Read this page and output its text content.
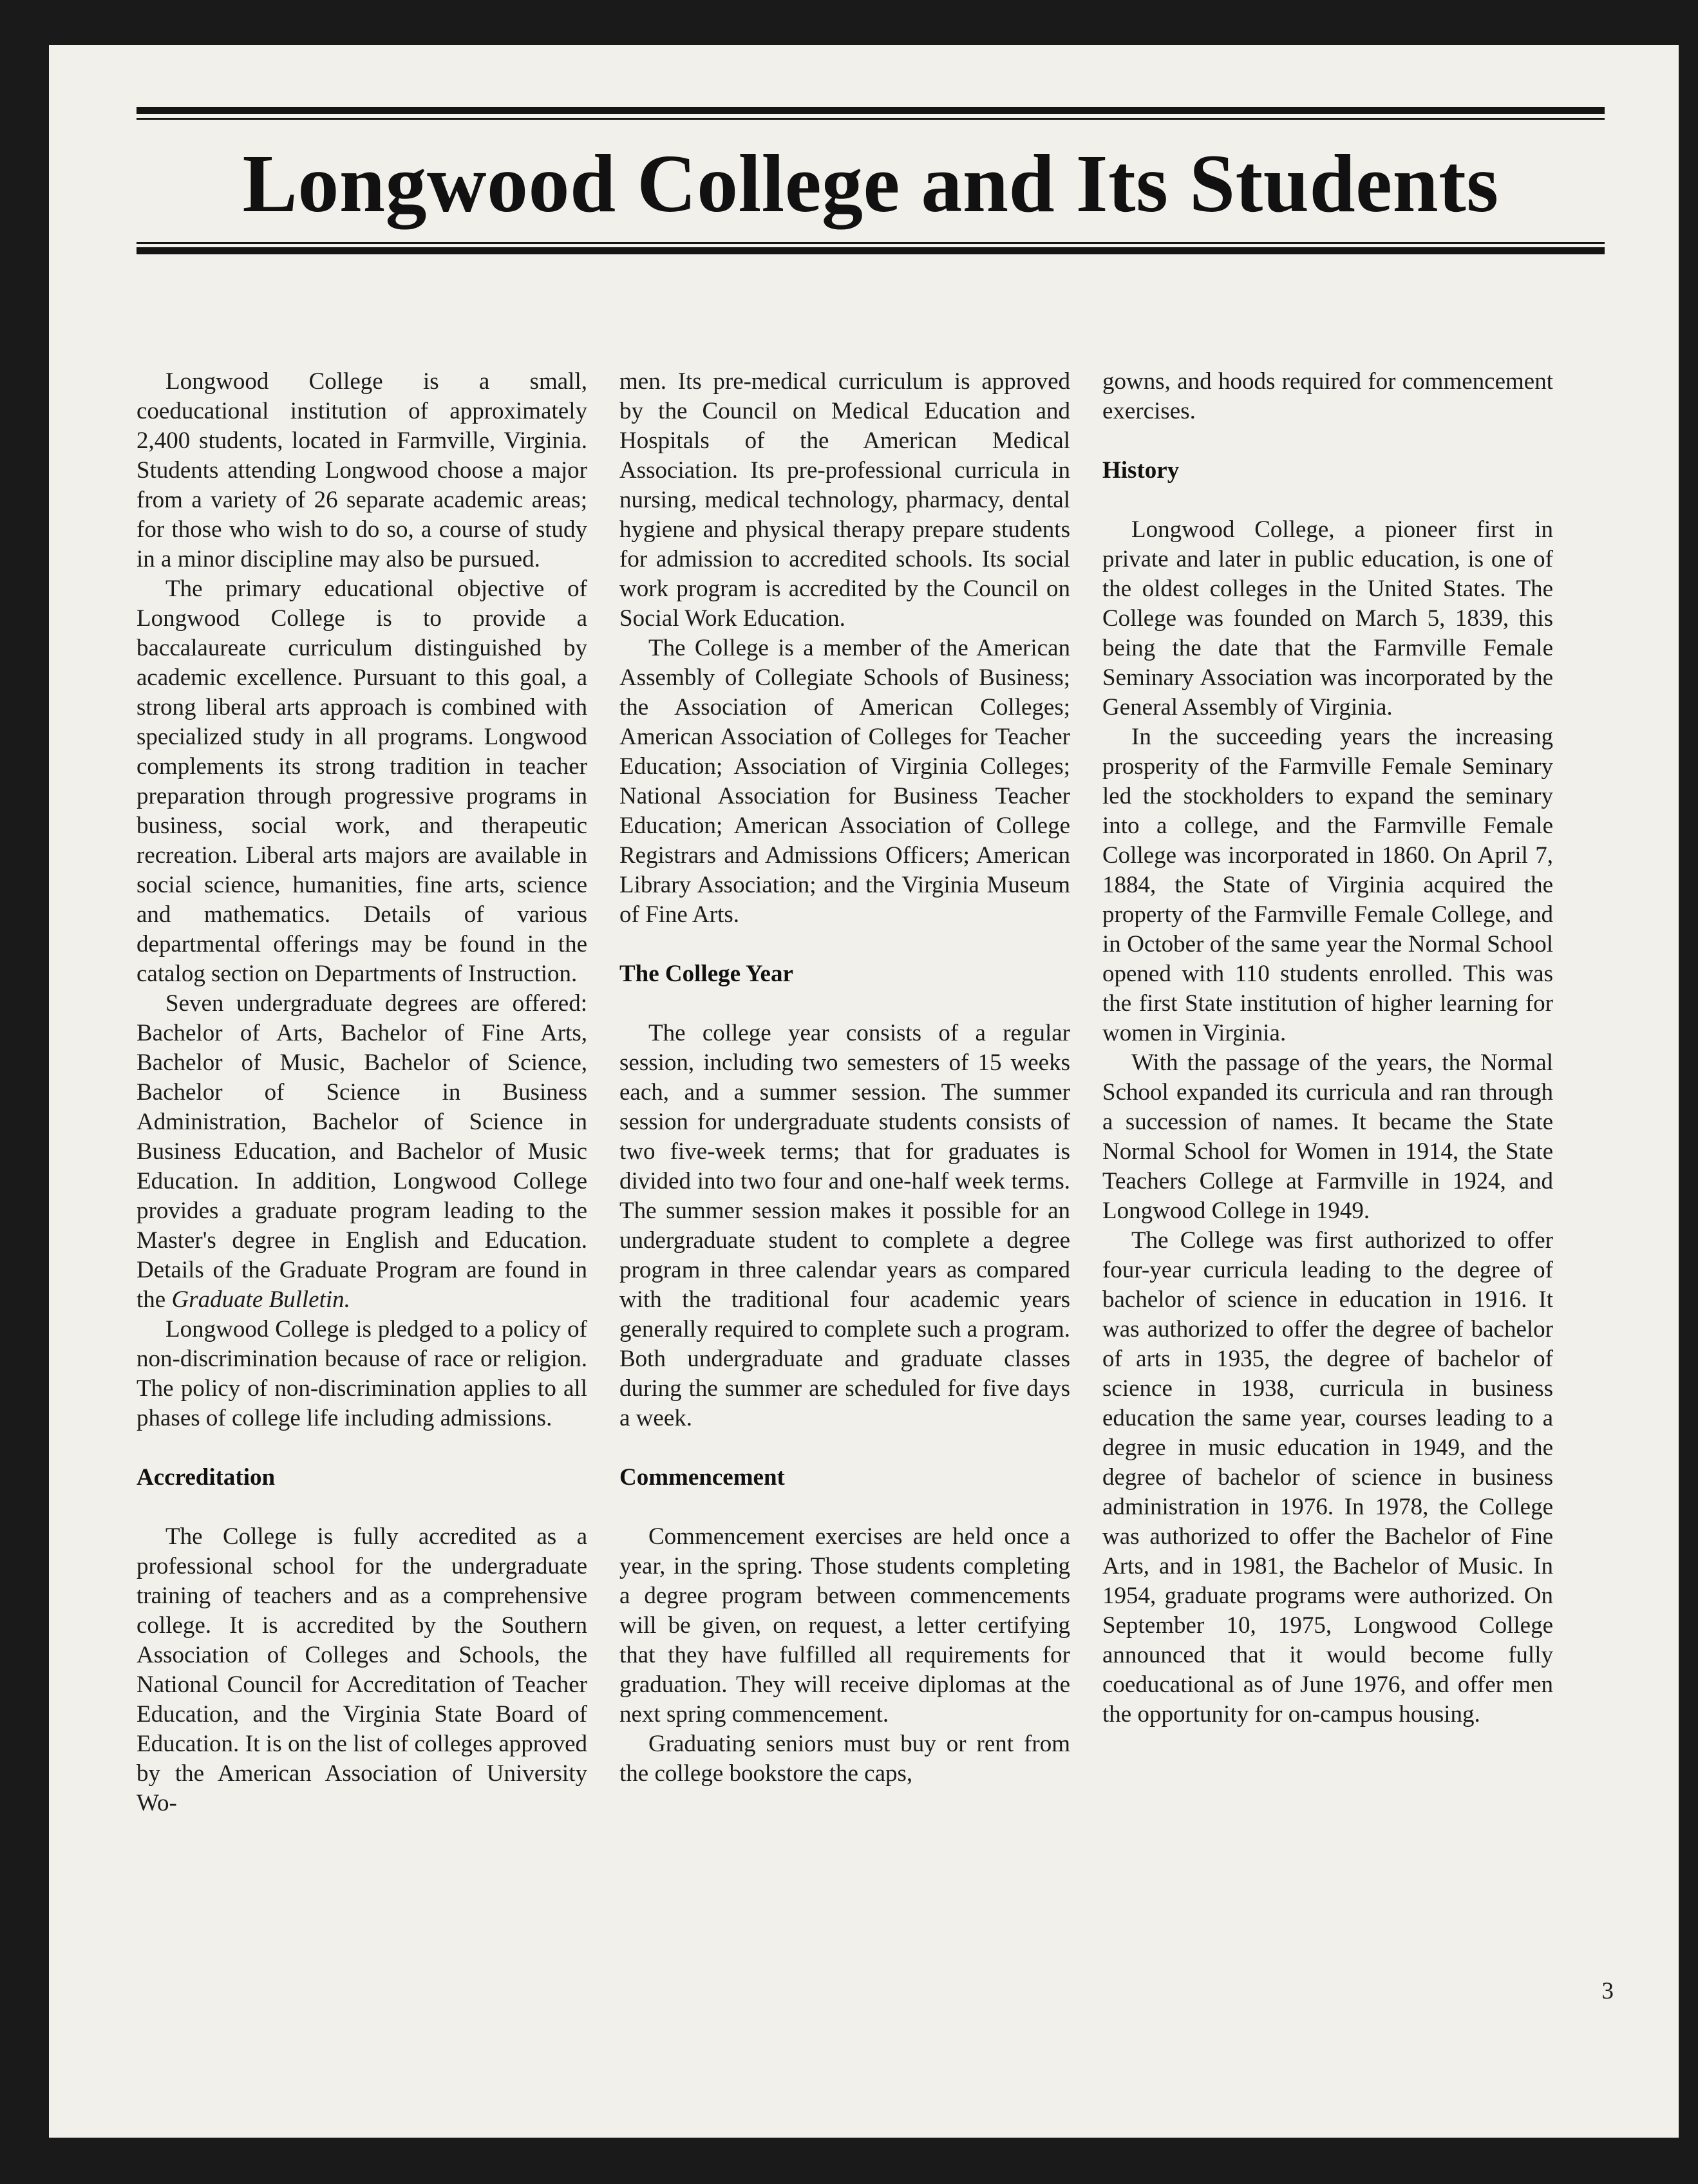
Longwood College and Its Students

Longwood College is a small, coeducational institution of approximately 2,400 students, located in Farmville, Virginia. Students attending Longwood choose a major from a variety of 26 separate academic areas; for those who wish to do so, a course of study in a minor discipline may also be pursued.

The primary educational objective of Longwood College is to provide a baccalaureate curriculum distinguished by academic excellence. Pursuant to this goal, a strong liberal arts approach is combined with specialized study in all programs. Longwood complements its strong tradition in teacher preparation through progressive programs in business, social work, and therapeutic recreation. Liberal arts majors are available in social science, humanities, fine arts, science and mathematics. Details of various departmental offerings may be found in the catalog section on Departments of Instruction.

Seven undergraduate degrees are offered: Bachelor of Arts, Bachelor of Fine Arts, Bachelor of Music, Bachelor of Science, Bachelor of Science in Business Administration, Bachelor of Science in Business Education, and Bachelor of Music Education. In addition, Longwood College provides a graduate program leading to the Master's degree in English and Education. Details of the Graduate Program are found in the Graduate Bulletin.

Longwood College is pledged to a policy of non-discrimination because of race or religion. The policy of non-discrimination applies to all phases of college life including admissions.

Accreditation

The College is fully accredited as a professional school for the undergraduate training of teachers and as a comprehensive college. It is accredited by the Southern Association of Colleges and Schools, the National Council for Accreditation of Teacher Education, and the Virginia State Board of Education. It is on the list of colleges approved by the American Association of University Wo-

men. Its pre-medical curriculum is approved by the Council on Medical Education and Hospitals of the American Medical Association. Its pre-professional curricula in nursing, medical technology, pharmacy, dental hygiene and physical therapy prepare students for admission to accredited schools. Its social work program is accredited by the Council on Social Work Education.

The College is a member of the American Assembly of Collegiate Schools of Business; the Association of American Colleges; American Association of Colleges for Teacher Education; Association of Virginia Colleges; National Association for Business Teacher Education; American Association of College Registrars and Admissions Officers; American Library Association; and the Virginia Museum of Fine Arts.

The College Year

The college year consists of a regular session, including two semesters of 15 weeks each, and a summer session. The summer session for undergraduate students consists of two five-week terms; that for graduates is divided into two four and one-half week terms. The summer session makes it possible for an undergraduate student to complete a degree program in three calendar years as compared with the traditional four academic years generally required to complete such a program. Both undergraduate and graduate classes during the summer are scheduled for five days a week.

Commencement

Commencement exercises are held once a year, in the spring. Those students completing a degree program between commencements will be given, on request, a letter certifying that they have fulfilled all requirements for graduation. They will receive diplomas at the next spring commencement.

Graduating seniors must buy or rent from the college bookstore the caps,

gowns, and hoods required for commencement exercises.

History

Longwood College, a pioneer first in private and later in public education, is one of the oldest colleges in the United States. The College was founded on March 5, 1839, this being the date that the Farmville Female Seminary Association was incorporated by the General Assembly of Virginia.

In the succeeding years the increasing prosperity of the Farmville Female Seminary led the stockholders to expand the seminary into a college, and the Farmville Female College was incorporated in 1860. On April 7, 1884, the State of Virginia acquired the property of the Farmville Female College, and in October of the same year the Normal School opened with 110 students enrolled. This was the first State institution of higher learning for women in Virginia.

With the passage of the years, the Normal School expanded its curricula and ran through a succession of names. It became the State Normal School for Women in 1914, the State Teachers College at Farmville in 1924, and Longwood College in 1949.

The College was first authorized to offer four-year curricula leading to the degree of bachelor of science in education in 1916. It was authorized to offer the degree of bachelor of arts in 1935, the degree of bachelor of science in 1938, curricula in business education the same year, courses leading to a degree in music education in 1949, and the degree of bachelor of science in business administration in 1976. In 1978, the College was authorized to offer the Bachelor of Fine Arts, and in 1981, the Bachelor of Music. In 1954, graduate programs were authorized. On September 10, 1975, Longwood College announced that it would become fully coeducational as of June 1976, and offer men the opportunity for on-campus housing.

3
